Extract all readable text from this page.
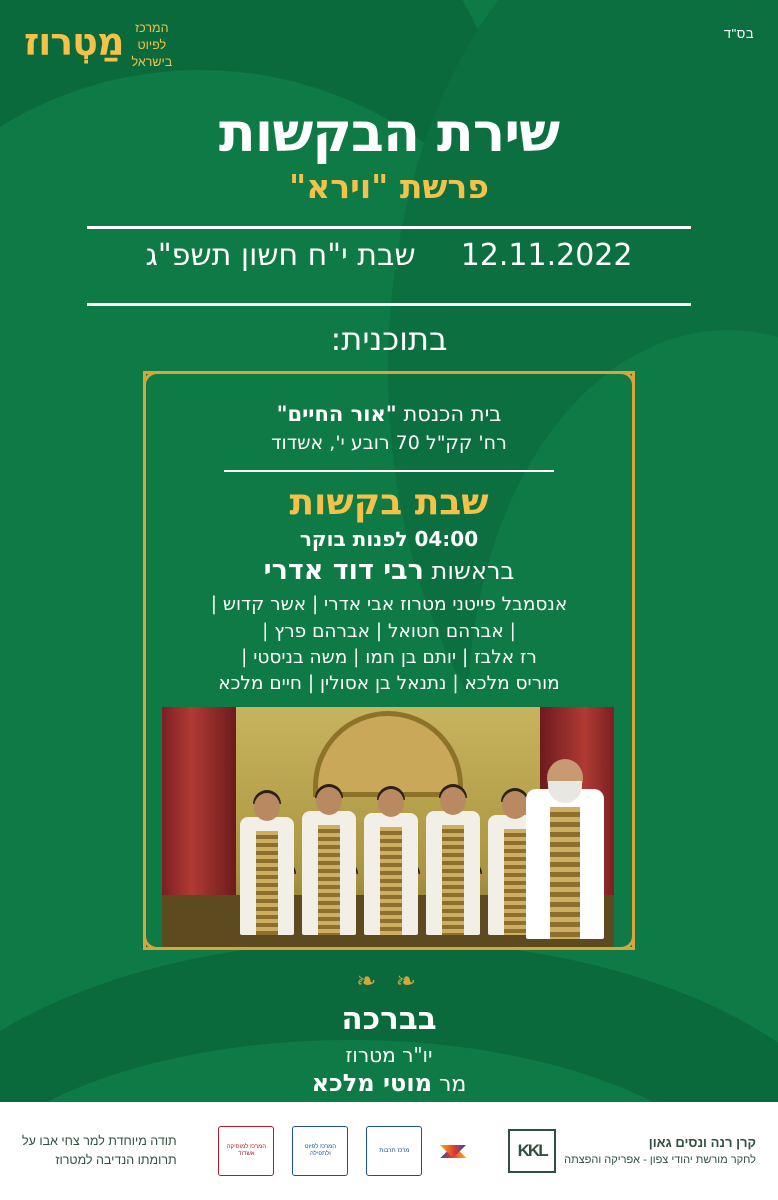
בס"ד
המרכז
לפיוט
בישראל
מַטְרוז
שירת הבקשות
פרשת "וירא"
12.11.2022  שבת י"ח חשון תשפ"ג
בתוכנית:
בית הכנסת "אור החיים"
רח' קק"ל 70 רובע י', אשדוד
שבת בקשות
04:00 לפנות בוקר
בראשות רבי דוד אדרי
אנסמבל פייטני מטרוז אבי אדרי | אשר קדוש |
| אברהם חטואל | אברהם פרץ |
רז אלבז | יותם בן חמו | משה בניסטי |
מוריס מלכא | נתנאל בן אסולין | חיים מלכא
❧ ❧
בברכה
יו"ר מטרוז
מר מוטי מלכא
קרן רנה ונסים גאון
לחקר מורשת יהודי צפון - אפריקה והפצתה
KKL
מרכז תרבות
המרכז לפיוט ולתפילה
המרכז למוסיקה אשדוד
תודה מיוחדת למר צחי אבו על
תרומתו הנדיבה למטרוז
